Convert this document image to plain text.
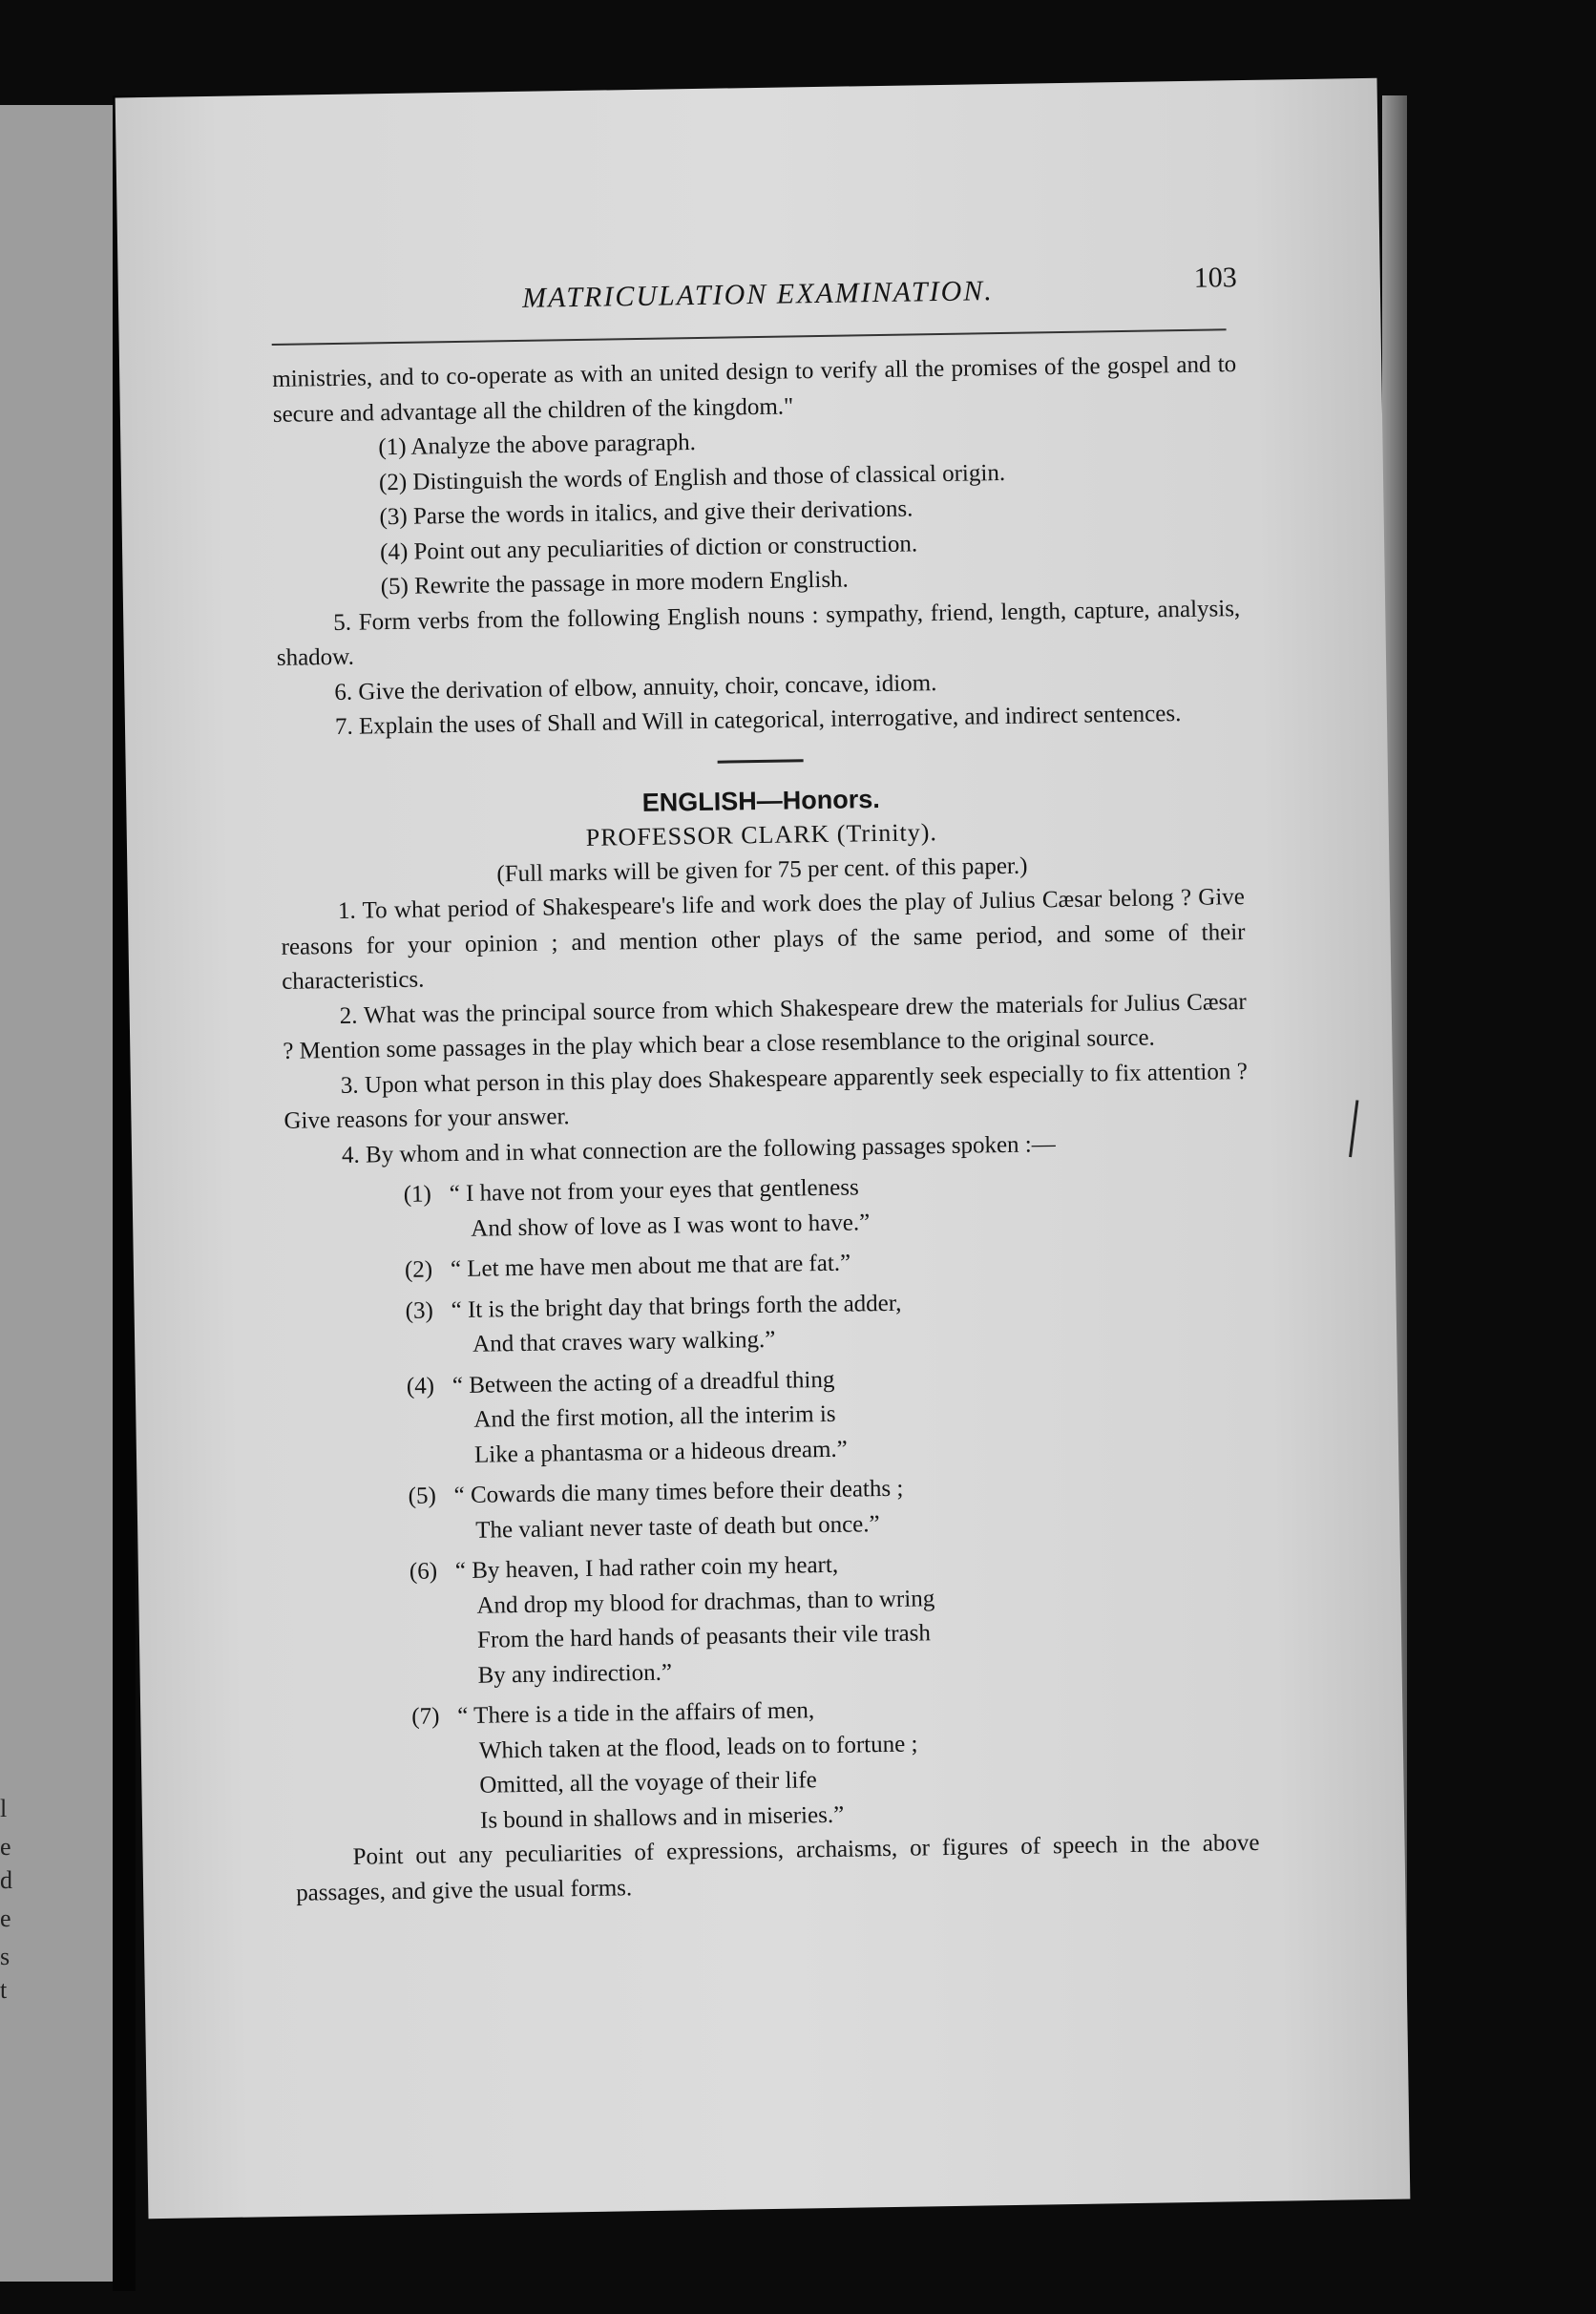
l
e
d
e
s
t
MATRICULATION EXAMINATION.	103

ministries, and to co-operate as with an united design to verify all the promises of the gospel and to secure and advantage all the children of the kingdom."

(1) Analyze the above paragraph.

(2) Distinguish the words of English and those of classical origin.

(3) Parse the words in italics, and give their derivations.

(4) Point out any peculiarities of diction or construction.

(5) Rewrite the passage in more modern English.

5. Form verbs from the following English nouns : sympathy, friend, length, capture, analysis, shadow.

6. Give the derivation of elbow, annuity, choir, concave, idiom.

7. Explain the uses of Shall and Will in categorical, interrogative, and indirect sentences.

ENGLISH—Honors.

PROFESSOR CLARK (Trinity).

(Full marks will be given for 75 per cent. of this paper.)

1. To what period of Shakespeare's life and work does the play of Julius Cæsar belong ? Give reasons for your opinion ; and mention other plays of the same period, and some of their characteristics.

2. What was the principal source from which Shakespeare drew the materials for Julius Cæsar ? Mention some passages in the play which bear a close resemblance to the original source.

3. Upon what person in this play does Shakespeare apparently seek especially to fix attention ? Give reasons for your answer.

4. By whom and in what connection are the following passages spoken :—

(1) “ I have not from your eyes that gentleness
And show of love as I was wont to have.”
(2) “ Let me have men about me that are fat.”
(3) “ It is the bright day that brings forth the adder,
And that craves wary walking.”
(4) “ Between the acting of a dreadful thing
And the first motion, all the interim is
Like a phantasma or a hideous dream.”
(5) “ Cowards die many times before their deaths ;
The valiant never taste of death but once.”
(6) “ By heaven, I had rather coin my heart,
And drop my blood for drachmas, than to wring
From the hard hands of peasants their vile trash
By any indirection.”
(7) “ There is a tide in the affairs of men,
Which taken at the flood, leads on to fortune ;
Omitted, all the voyage of their life
Is bound in shallows and in miseries.”

Point out any peculiarities of expressions, archaisms, or figures of speech in the above passages, and give the usual forms.
